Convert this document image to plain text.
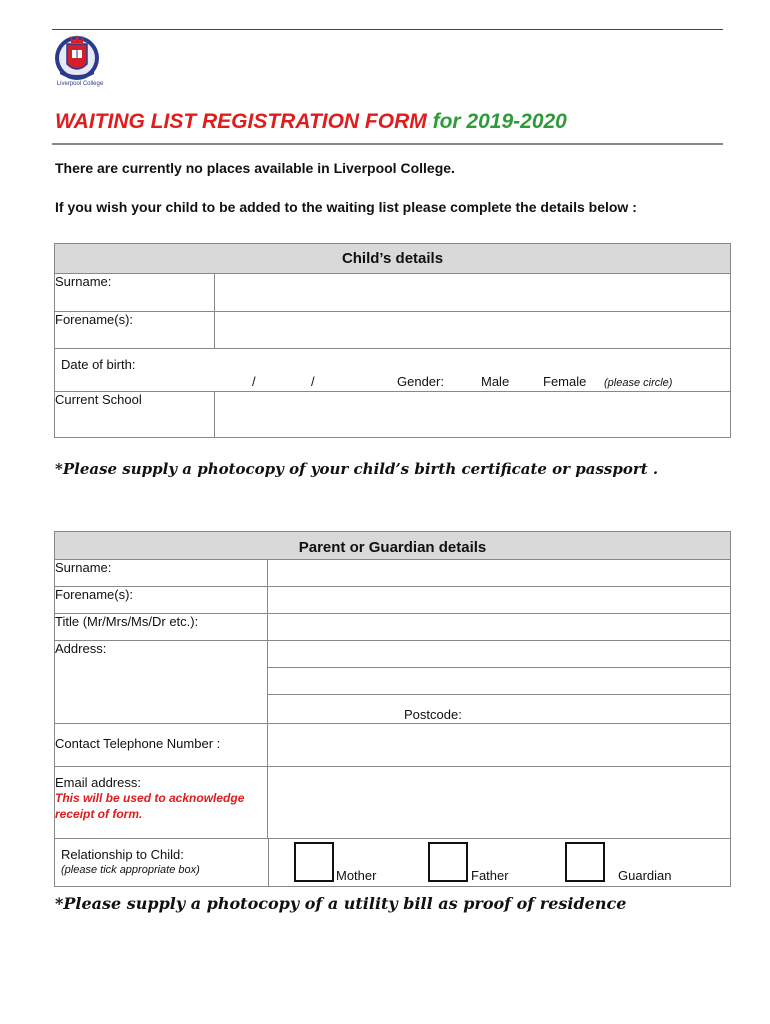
Liverpool College
WAITING LIST REGISTRATION FORM for 2019-2020
There are currently no places available in Liverpool College.
If you wish your child to be added to the waiting list please complete the details below :
Child’s details

Surname:	

Forename(s):	

Date of birth:
/	/	Gender:	Male	Female (please circle)

Current School	
*Please supply a photocopy of your child’s birth certificate or passport .
Parent or Guardian details	
Surname:	
Forename(s):	
Title (Mr/Mrs/Ms/Dr etc.):	
Address:	

	Postcode:

Contact Telephone Number :	

Email address:
This will be used to acknowledge receipt of form.	

Relationship to Child:
(please tick appropriate box) Mother Father Guardian	
*Please supply a photocopy of a utility bill as proof of residence
